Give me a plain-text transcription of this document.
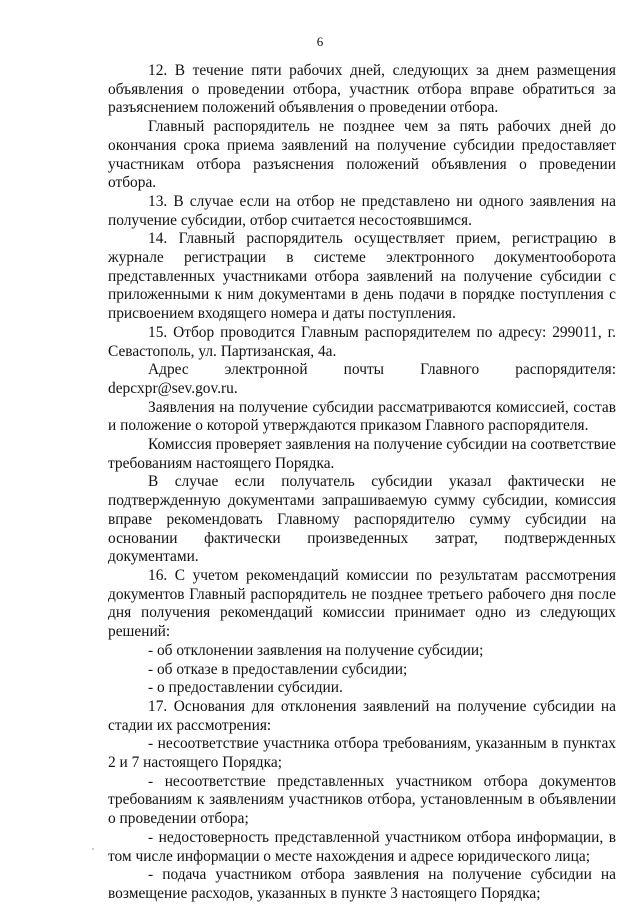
6

12. В течение пяти рабочих дней, следующих за днем размещения объявления о проведении отбора, участник отбора вправе обратиться за разъяснением положений объявления о проведении отбора.

Главный распорядитель не позднее чем за пять рабочих дней до окончания срока приема заявлений на получение субсидии предоставляет участникам отбора разъяснения положений объявления о проведении отбора.

13. В случае если на отбор не представлено ни одного заявления на получение субсидии, отбор считается несостоявшимся.

14. Главный распорядитель осуществляет прием, регистрацию в журнале регистрации в системе электронного документооборота представленных участниками отбора заявлений на получение субсидии с приложенными к ним документами в день подачи в порядке поступления с присвоением входящего номера и даты поступления.

15. Отбор проводится Главным распорядителем по адресу: 299011, г. Севастополь, ул. Партизанская, 4а.

Адрес электронной почты Главного распорядителя: depcxpr@sev.gov.ru.

Заявления на получение субсидии рассматриваются комиссией, состав и положение о которой утверждаются приказом Главного распорядителя.

Комиссия проверяет заявления на получение субсидии на соответствие требованиям настоящего Порядка.

В случае если получатель субсидии указал фактически не подтвержденную документами запрашиваемую сумму субсидии, комиссия вправе рекомендовать Главному распорядителю сумму субсидии на основании фактически произведенных затрат, подтвержденных документами.

16. С учетом рекомендаций комиссии по результатам рассмотрения документов Главный распорядитель не позднее третьего рабочего дня после дня получения рекомендаций комиссии принимает одно из следующих решений:

- об отклонении заявления на получение субсидии;

- об отказе в предоставлении субсидии;

- о предоставлении субсидии.

17. Основания для отклонения заявлений на получение субсидии на стадии их рассмотрения:

- несоответствие участника отбора требованиям, указанным в пунктах 2 и 7 настоящего Порядка;

- несоответствие представленных участником отбора документов требованиям к заявлениям участников отбора, установленным в объявлении о проведении отбора;

- недостоверность представленной участником отбора информации, в том числе информации о месте нахождения и адресе юридического лица;

- подача участником отбора заявления на получение субсидии на возмещение расходов, указанных в пункте 3 настоящего Порядка;
